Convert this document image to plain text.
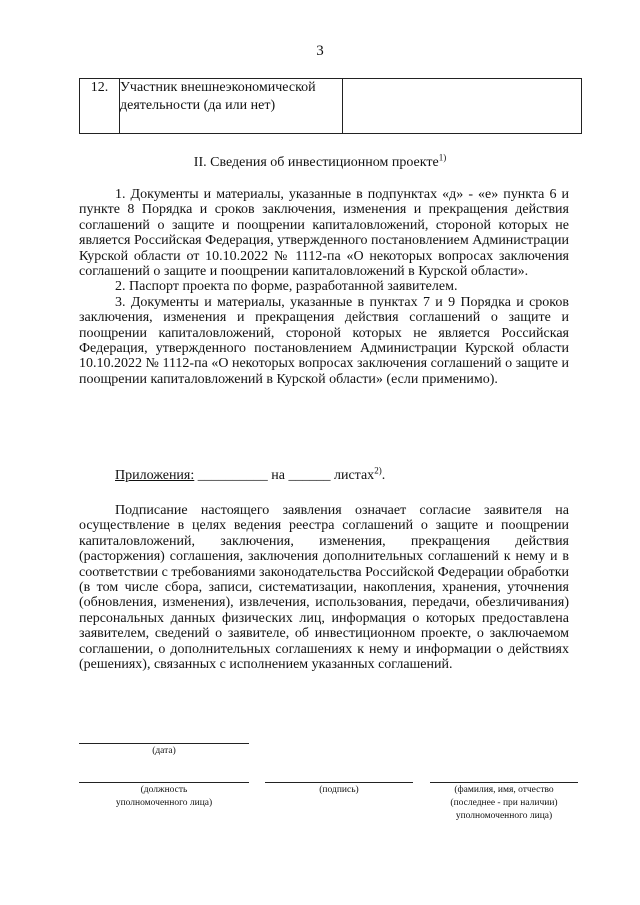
3
12.	Участник внешнеэкономической деятельности (да или нет)	
II. Сведения об инвестиционном проекте$^{1)}$

1. Документы и материалы, указанные в подпунктах «д» - «е» пункта 6 и пункте 8 Порядка и сроков заключения, изменения и прекращения действия соглашений о защите и поощрении капиталовложений, стороной которых не является Российская Федерация, утвержденного постановлением Администрации Курской области от 10.10.2022 № 1112-па «О некоторых вопросах заключения соглашений о защите и поощрении капиталовложений в Курской области».

2. Паспорт проекта по форме, разработанной заявителем.

3. Документы и материалы, указанные в пунктах 7 и 9 Порядка и сроков заключения, изменения и прекращения действия соглашений о защите и поощрении капиталовложений, стороной которых не является Российская Федерация, утвержденного постановлением Администрации Курской области 10.10.2022 № 1112-па «О некоторых вопросах заключения соглашений о защите и поощрении капиталовложений в Курской области» (если применимо).

Приложения: __________ на ______ листах$^{2)}$.

Подписание настоящего заявления означает согласие заявителя на осуществление в целях ведения реестра соглашений о защите и поощрении капиталовложений, заключения, изменения, прекращения действия (расторжения) соглашения, заключения дополнительных соглашений к нему и в соответствии с требованиями законодательства Российской Федерации обработки (в том числе сбора, записи, систематизации, накопления, хранения, уточнения (обновления, изменения), извлечения, использования, передачи, обезличивания) персональных данных физических лиц, информация о которых предоставлена заявителем, сведений о заявителе, об инвестиционном проекте, о заключаемом соглашении, о дополнительных соглашениях к нему и информации о действиях (решениях), связанных с исполнением указанных соглашений.

(дата)
(должность
уполномоченного лица)
(подпись)	(фамилия, имя, отчество
(последнее - при наличии)
уполномоченного лица)
